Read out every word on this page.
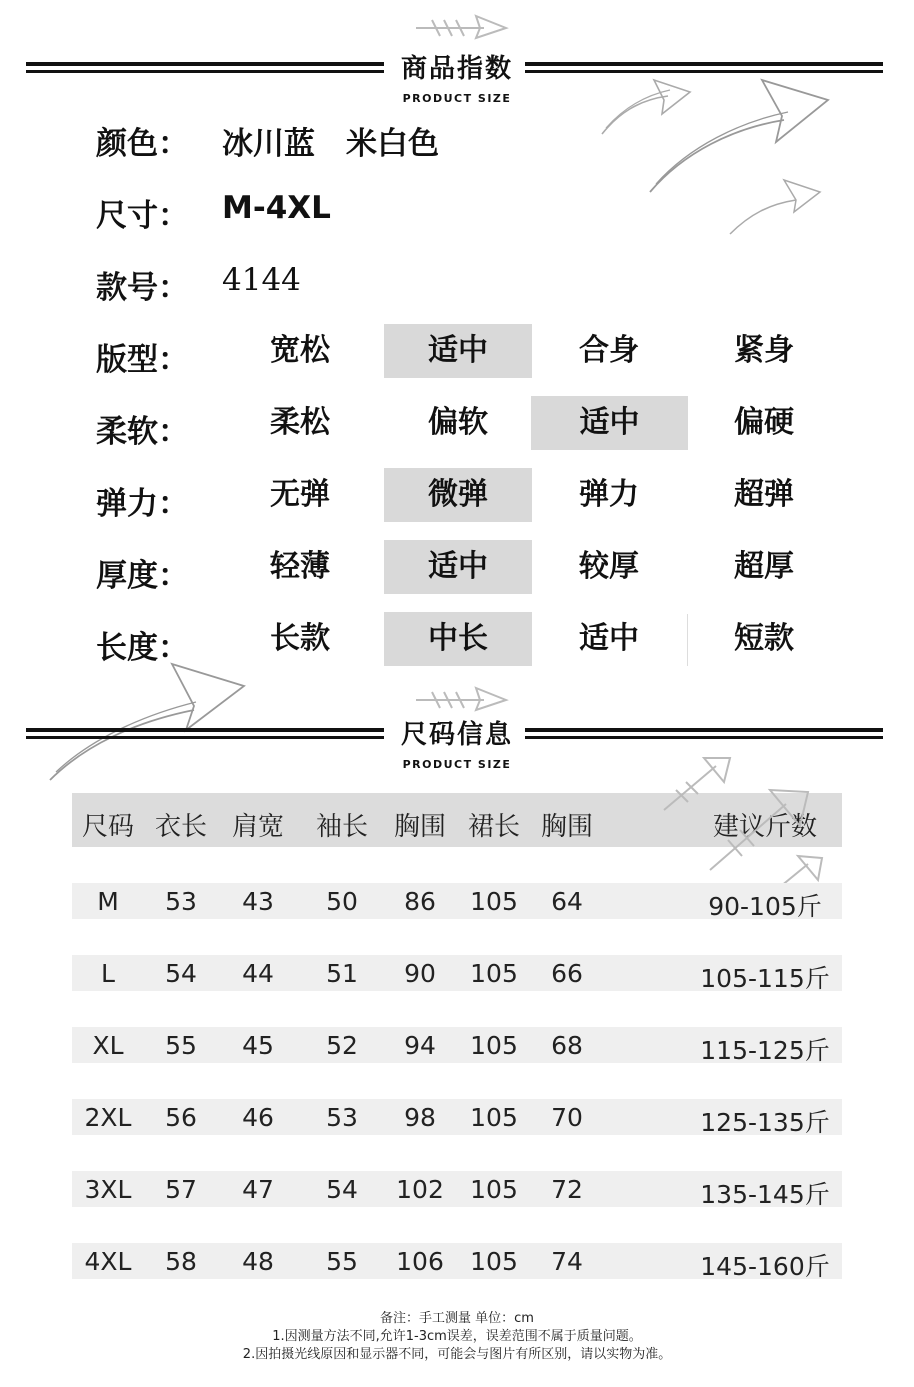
商品指数
PRODUCT SIZE
颜色： 冰川蓝　米白色
尺寸： M-4XL
款号： 4144
版型：	宽松	适中	合身	紧身
柔软：	柔松	偏软	适中	偏硬
弹力：	无弹	微弹	弹力	超弹
厚度：	轻薄	适中	较厚	超厚
长度：	长款	中长	适中	短款
尺码信息
PRODUCT SIZE
尺码 衣长 肩宽	袖长 胸围 裙长 胸围	建议斤数
M	53	43	50	86	105	64	90-105斤
L	54	44	51	90	105	66	105-115斤
XL	55	45	52	94	105	68	115-125斤
2XL	56	46	53	98	105	70	125-135斤
3XL	57	47	54	102	105	72	135-145斤
4XL	58	48	55	106	105	74	145-160斤
备注：手工测量 单位：cm
1.因测量方法不同,允许1-3cm误差，误差范围不属于质量问题。
2.因拍摄光线原因和显示器不同，可能会与图片有所区别，请以实物为准。
